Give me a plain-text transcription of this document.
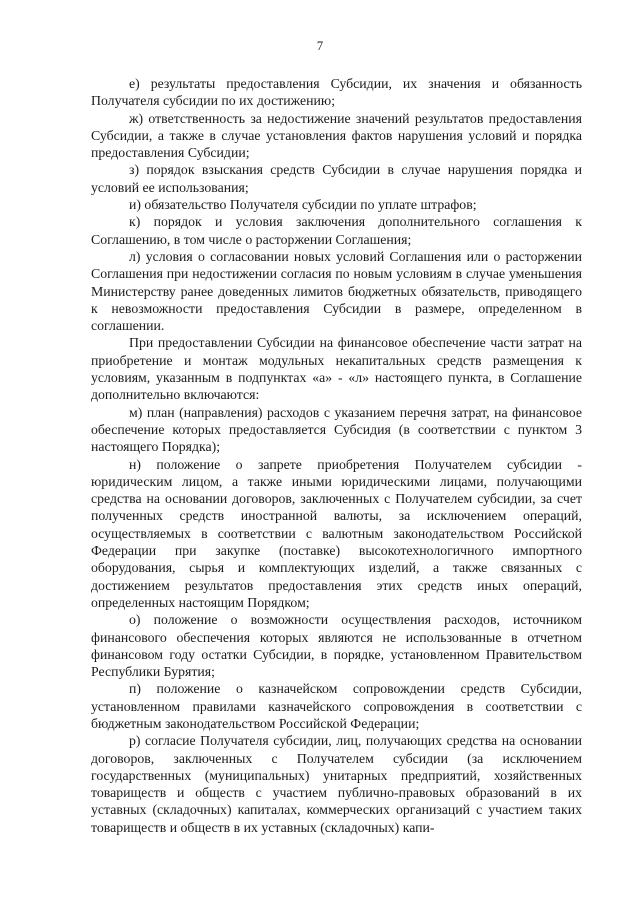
7

е) результаты предоставления Субсидии, их значения и обязанность Получателя субсидии по их достижению;

ж) ответственность за недостижение значений результатов предоставления Субсидии, а также в случае установления фактов нарушения условий и порядка предоставления Субсидии;

з) порядок взыскания средств Субсидии в случае нарушения порядка и условий ее использования;

и) обязательство Получателя субсидии по уплате штрафов;

к) порядок и условия заключения дополнительного соглашения к Соглашению, в том числе о расторжении Соглашения;

л) условия о согласовании новых условий Соглашения или о расторжении Соглашения при недостижении согласия по новым условиям в случае уменьшения Министерству ранее доведенных лимитов бюджетных обязательств, приводящего к невозможности предоставления Субсидии в размере, определенном в соглашении.

При предоставлении Субсидии на финансовое обеспечение части затрат на приобретение и монтаж модульных некапитальных средств размещения к условиям, указанным в подпунктах «а» - «л» настоящего пункта, в Соглашение дополнительно включаются:

м) план (направления) расходов с указанием перечня затрат, на финансовое обеспечение которых предоставляется Субсидия (в соответствии с пунктом 3 настоящего Порядка);

н) положение о запрете приобретения Получателем субсидии - юридическим лицом, а также иными юридическими лицами, получающими средства на основании договоров, заключенных с Получателем субсидии, за счет полученных средств иностранной валюты, за исключением операций, осуществляемых в соответствии с валютным законодательством Российской Федерации при закупке (поставке) высокотехнологичного импортного оборудования, сырья и комплектующих изделий, а также связанных с достижением результатов предоставления этих средств иных операций, определенных настоящим Порядком;

о) положение о возможности осуществления расходов, источником финансового обеспечения которых являются не использованные в отчетном финансовом году остатки Субсидии, в порядке, установленном Правительством Республики Бурятия;

п) положение о казначейском сопровождении средств Субсидии, установленном правилами казначейского сопровождения в соответствии с бюджетным законодательством Российской Федерации;

р) согласие Получателя субсидии, лиц, получающих средства на основании договоров, заключенных с Получателем субсидии (за исключением государственных (муниципальных) унитарных предприятий, хозяйственных товариществ и обществ с участием публично-правовых образований в их уставных (складочных) капиталах, коммерческих организаций с участием таких товариществ и обществ в их уставных (складочных) капи-
